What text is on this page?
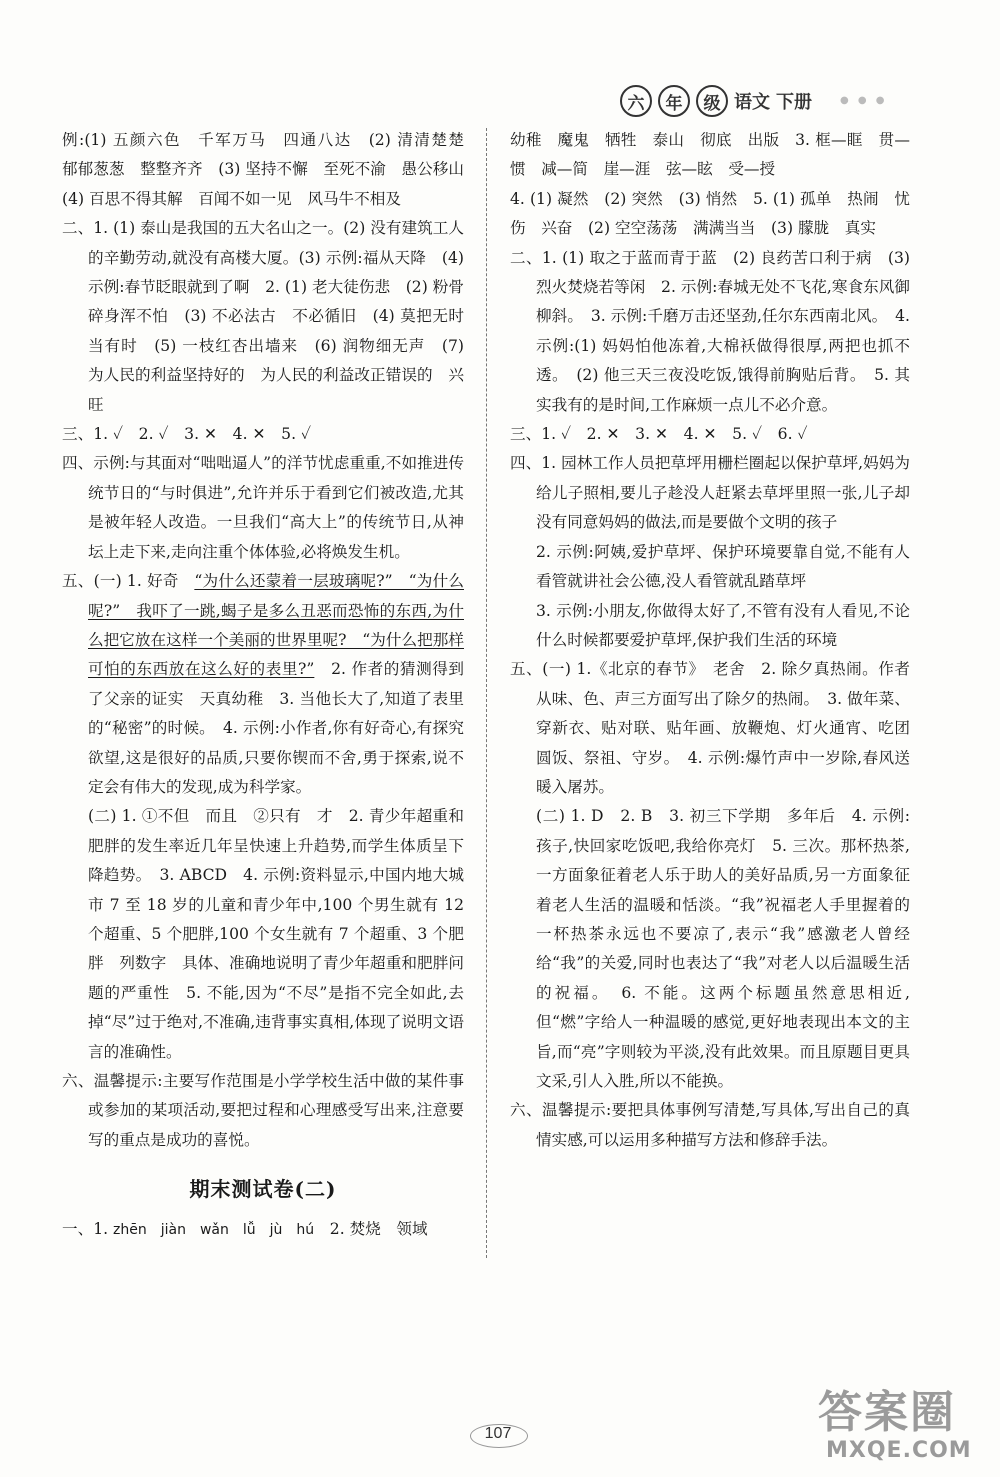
六	年	级 语文 下册	● ● ●

例:(1) 五颜六色　千军万马　四通八达　(2) 清清楚楚　郁郁葱葱　整整齐齐　(3) 坚持不懈　至死不渝　愚公移山　(4) 百思不得其解　百闻不如一见　风马牛不相及

二、1. (1) 泰山是我国的五大名山之一。(2) 没有建筑工人的辛勤劳动,就没有高楼大厦。(3) 示例:福从天降　(4) 示例:春节眨眼就到了啊　2. (1) 老大徒伤悲　(2) 粉骨碎身浑不怕　(3) 不必法古　不必循旧　(4) 莫把无时当有时　(5) 一枝红杏出墙来　(6) 润物细无声　(7) 为人民的利益坚持好的　为人民的利益改正错误的　兴旺

三、1. ✓　2. ✓　3. ✕　4. ✕　5. ✓

四、示例:与其面对“咄咄逼人”的洋节忧虑重重,不如推进传统节日的“与时俱进”,允许并乐于看到它们被改造,尤其是被年轻人改造。一旦我们“高大上”的传统节日,从神坛上走下来,走向注重个体体验,必将焕发生机。

五、(一) 1. 好奇　“为什么还蒙着一层玻璃呢?”　“为什么呢?”　我吓了一跳,蝎子是多么丑恶而恐怖的东西,为什么把它放在这样一个美丽的世界里呢?　“为什么把那样可怕的东西放在这么好的表里?”　2. 作者的猜测得到了父亲的证实　天真幼稚　3. 当他长大了,知道了表里的“秘密”的时候。　4. 示例:小作者,你有好奇心,有探究欲望,这是很好的品质,只要你锲而不舍,勇于探索,说不定会有伟大的发现,成为科学家。

(二) 1. ①不但　而且　②只有　才　2. 青少年超重和肥胖的发生率近几年呈快速上升趋势,而学生体质呈下降趋势。　3. ABCD　4. 示例:资料显示,中国内地大城市 7 至 18 岁的儿童和青少年中,100 个男生就有 12 个超重、5 个肥胖,100 个女生就有 7 个超重、3 个肥胖　列数字　具体、准确地说明了青少年超重和肥胖问题的严重性　5. 不能,因为“不尽”是指不完全如此,去掉“尽”过于绝对,不准确,违背事实真相,体现了说明文语言的准确性。

六、温馨提示:主要写作范围是小学学校生活中做的某件事或参加的某项活动,要把过程和心理感受写出来,注意要写的重点是成功的喜悦。

期末测试卷(二)

一、1. zhēn　jiàn　wǎn　lǚ　jù　hú　 2. 焚烧　领域

幼稚　魔鬼　牺牲　泰山　彻底　出版　3. 框—眶　贯—惯　减—简　崖—涯　弦—眩　受—授

4. (1) 凝然　(2) 突然　(3) 悄然　5. (1) 孤单　热闹　忧伤　兴奋　(2) 空空荡荡　满满当当　(3) 朦胧　真实

二、1. (1) 取之于蓝而青于蓝　(2) 良药苦口利于病　(3) 烈火焚烧若等闲　2. 示例:春城无处不飞花,寒食东风御柳斜。　3. 示例:千磨万击还坚劲,任尔东西南北风。　4. 示例:(1) 妈妈怕他冻着,大棉袄做得很厚,两把也抓不透。　(2) 他三天三夜没吃饭,饿得前胸贴后背。　5. 其实我有的是时间,工作麻烦一点儿不必介意。

三、1. ✓　2. ✕　3. ✕　4. ✕　5. ✓　6. ✓

四、1. 园林工作人员把草坪用栅栏圈起以保护草坪,妈妈为给儿子照相,要儿子趁没人赶紧去草坪里照一张,儿子却没有同意妈妈的做法,而是要做个文明的孩子

2. 示例:阿姨,爱护草坪、保护环境要靠自觉,不能有人看管就讲社会公德,没人看管就乱踏草坪

3. 示例:小朋友,你做得太好了,不管有没有人看见,不论什么时候都要爱护草坪,保护我们生活的环境

五、(一) 1.《北京的春节》　老舍　2. 除夕真热闹。作者从味、色、声三方面写出了除夕的热闹。　3. 做年菜、穿新衣、贴对联、贴年画、放鞭炮、灯火通宵、吃团圆饭、祭祖、守岁。　4. 示例:爆竹声中一岁除,春风送暖入屠苏。

(二) 1. D　2. B　3. 初三下学期　多年后　4. 示例:孩子,快回家吃饭吧,我给你亮灯　5. 三次。那杯热茶,一方面象征着老人乐于助人的美好品质,另一方面象征着老人生活的温暖和恬淡。“我”祝福老人手里握着的一杯热茶永远也不要凉了,表示“我”感激老人曾经给“我”的关爱,同时也表达了“我”对老人以后温暖生活的祝福。　6. 不能。这两个标题虽然意思相近,但“燃”字给人一种温暖的感觉,更好地表现出本文的主旨,而“亮”字则较为平淡,没有此效果。而且原题目更具文采,引人入胜,所以不能换。

六、温馨提示:要把具体事例写清楚,写具体,写出自己的真情实感,可以运用多种描写方法和修辞手法。

107	答案圈
MXQE.COM
